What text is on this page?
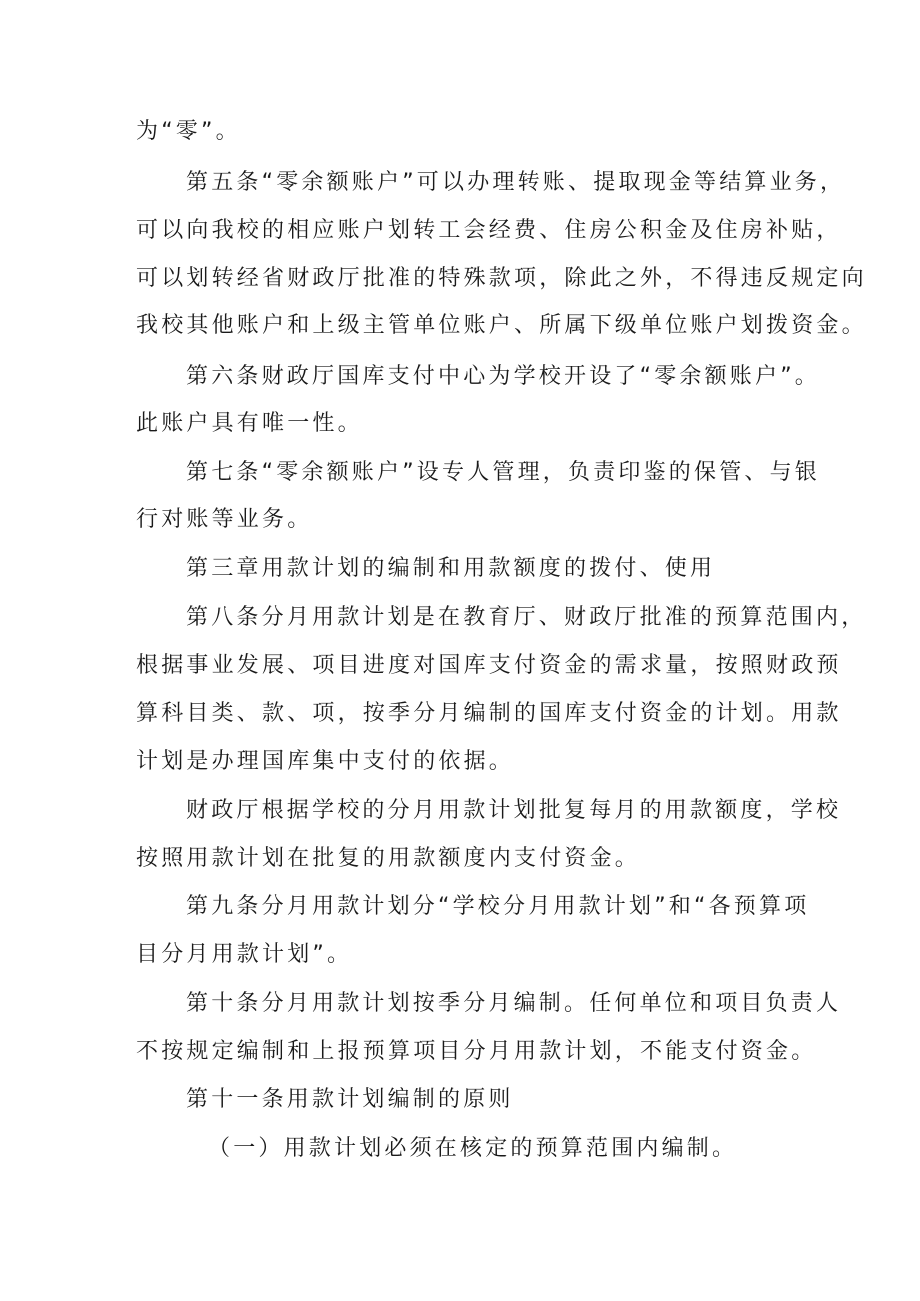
为“零”。
第五条“零余额账户”可以办理转账、提取现金等结算业务，
可以向我校的相应账户划转工会经费、住房公积金及住房补贴，
可以划转经省财政厅批准的特殊款项，除此之外，不得违反规定向
我校其他账户和上级主管单位账户、所属下级单位账户划拨资金。
第六条财政厅国库支付中心为学校开设了“零余额账户”。
此账户具有唯一性。
第七条“零余额账户”设专人管理，负责印鉴的保管、与银
行对账等业务。
第三章用款计划的编制和用款额度的拨付、使用
第八条分月用款计划是在教育厅、财政厅批准的预算范围内，
根据事业发展、项目进度对国库支付资金的需求量，按照财政预
算科目类、款、项，按季分月编制的国库支付资金的计划。用款
计划是办理国库集中支付的依据。
财政厅根据学校的分月用款计划批复每月的用款额度，学校
按照用款计划在批复的用款额度内支付资金。
第九条分月用款计划分“学校分月用款计划”和“各预算项
目分月用款计划”。
第十条分月用款计划按季分月编制。任何单位和项目负责人
不按规定编制和上报预算项目分月用款计划，不能支付资金。
第十一条用款计划编制的原则
（一）用款计划必须在核定的预算范围内编制。
